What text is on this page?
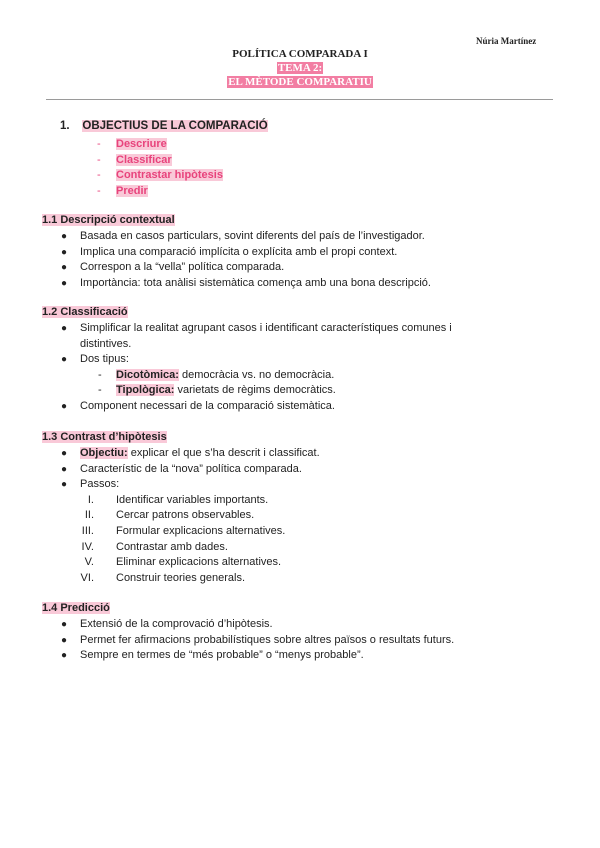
Núria Martínez
POLÍTICA COMPARADA I
TEMA 2:
EL MÈTODE COMPARATIU
1. OBJECTIUS DE LA COMPARACIÓ
- Descriure
- Classificar
- Contrastar hipòtesis
- Predir
1.1 Descripció contextual
● Basada en casos particulars, sovint diferents del país de l’investigador.
● Implica una comparació implícita o explícita amb el propi context.
● Correspon a la “vella” política comparada.
● Importància: tota anàlisi sistemàtica comença amb una bona descripció.
1.2 Classificació
● Simplificar la realitat agrupant casos i identificant característiques comunes i
distintives.
● Dos tipus:
- Dicotòmica: democràcia vs. no democràcia.
- Tipològica: varietats de règims democràtics.
● Component necessari de la comparació sistemàtica.
1.3 Contrast d’hipòtesis
● Objectiu: explicar el que s’ha descrit i classificat.
● Característic de la “nova” política comparada.
● Passos:
I. Identificar variables importants.
II. Cercar patrons observables.
III. Formular explicacions alternatives.
IV. Contrastar amb dades.
V. Eliminar explicacions alternatives.
VI. Construir teories generals.
1.4 Predicció
● Extensió de la comprovació d’hipòtesis.
● Permet fer afirmacions probabilístiques sobre altres països o resultats futurs.
● Sempre en termes de “més probable” o “menys probable”.
